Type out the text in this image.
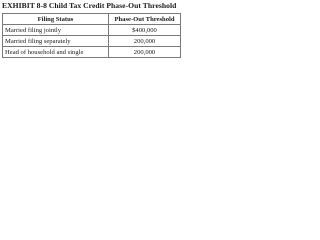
EXHIBIT 8-8 Child Tax Credit Phase-Out Threshold
Filing Status	Phase-Out Threshold
Married filing jointly	$400,000
Married filing separately	200,000
Head of household and single	200,000
